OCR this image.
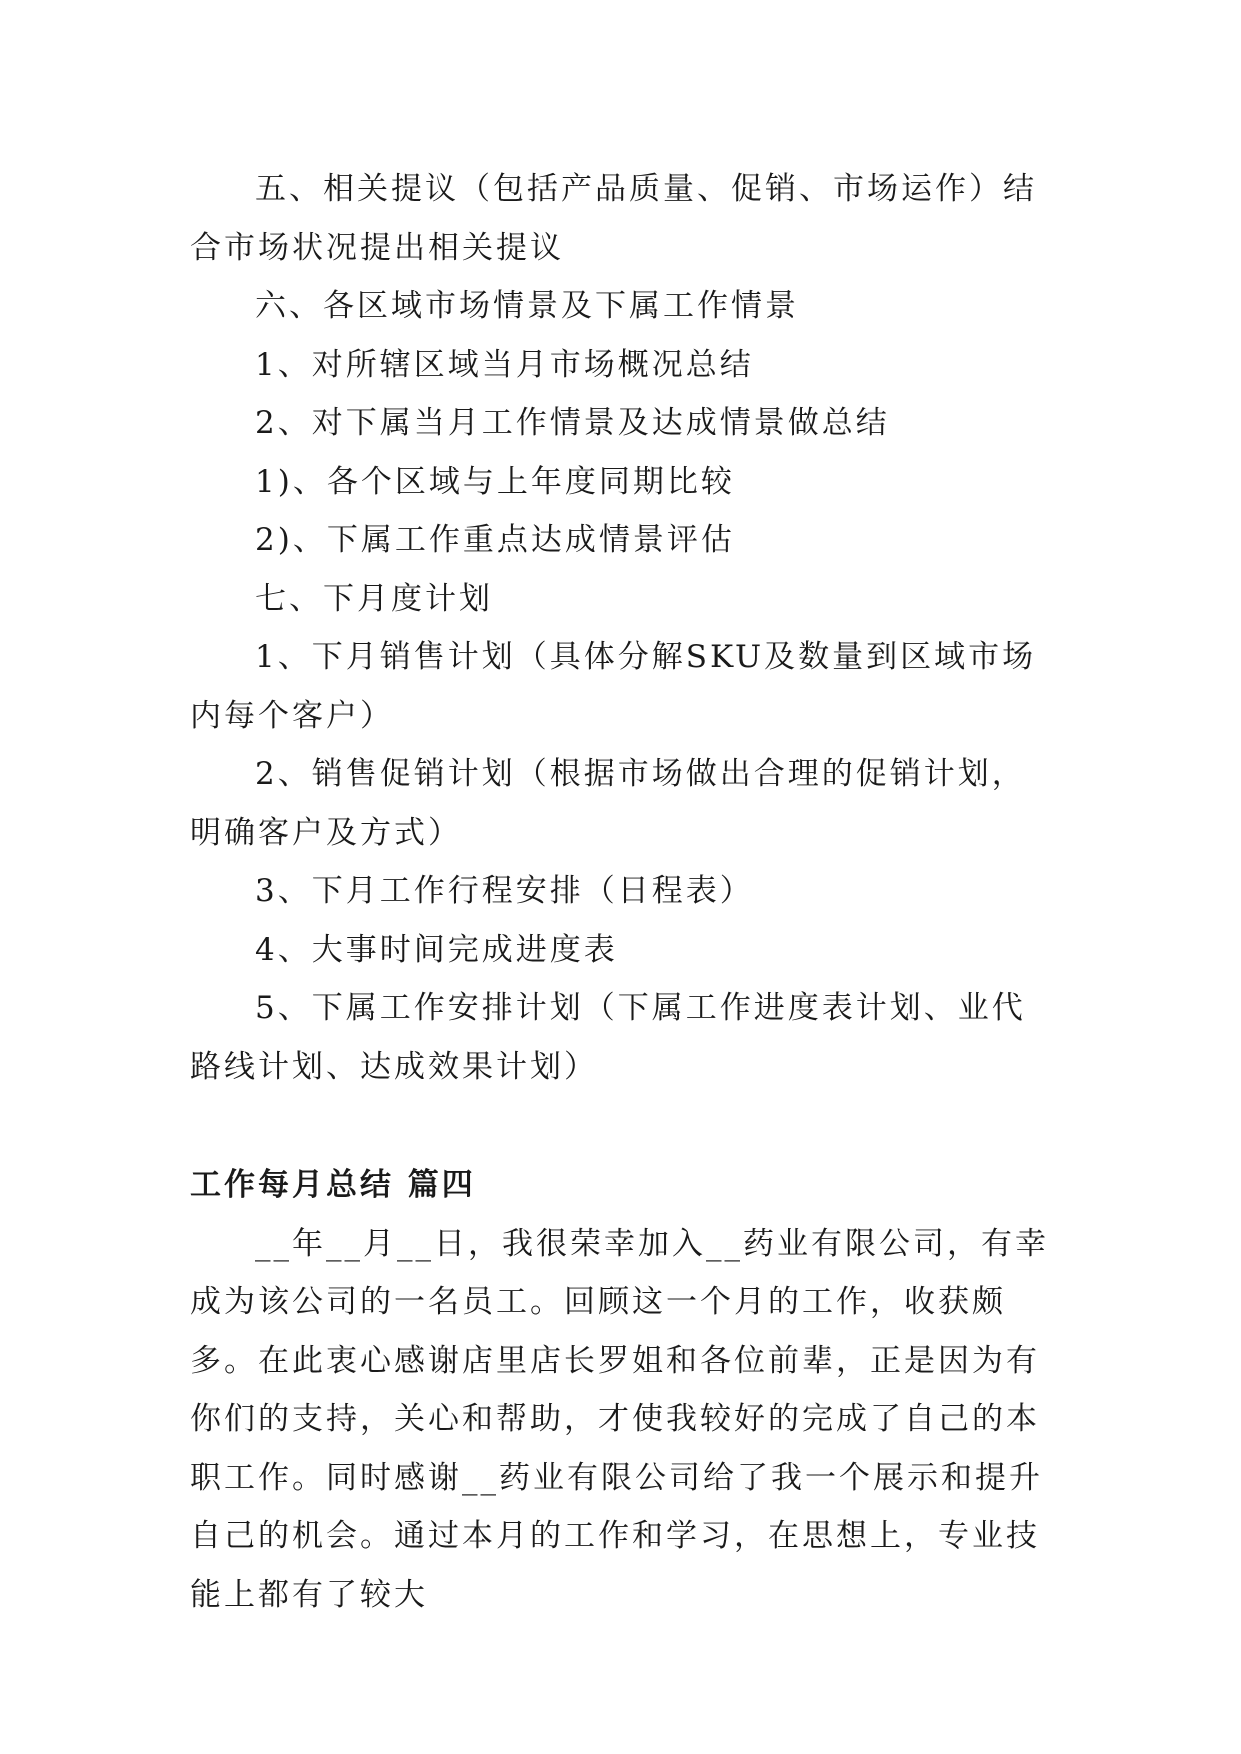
五、相关提议（包括产品质量、促销、市场运作）结合市场状况提出相关提议

六、各区域市场情景及下属工作情景

1、对所辖区域当月市场概况总结

2、对下属当月工作情景及达成情景做总结

1)、各个区域与上年度同期比较

2)、下属工作重点达成情景评估

七、下月度计划

1、下月销售计划（具体分解SKU及数量到区域市场内每个客户）

2、销售促销计划（根据市场做出合理的促销计划，明确客户及方式）

3、下月工作行程安排（日程表）

4、大事时间完成进度表

5、下属工作安排计划（下属工作进度表计划、业代路线计划、达成效果计划）

工作每月总结 篇四

__年__月__日，我很荣幸加入__药业有限公司，有幸成为该公司的一名员工。回顾这一个月的工作，收获颇多。在此衷心感谢店里店长罗姐和各位前辈，正是因为有你们的支持，关心和帮助，才使我较好的完成了自己的本职工作。同时感谢__药业有限公司给了我一个展示和提升自己的机会。通过本月的工作和学习，在思想上，专业技能上都有了较大
